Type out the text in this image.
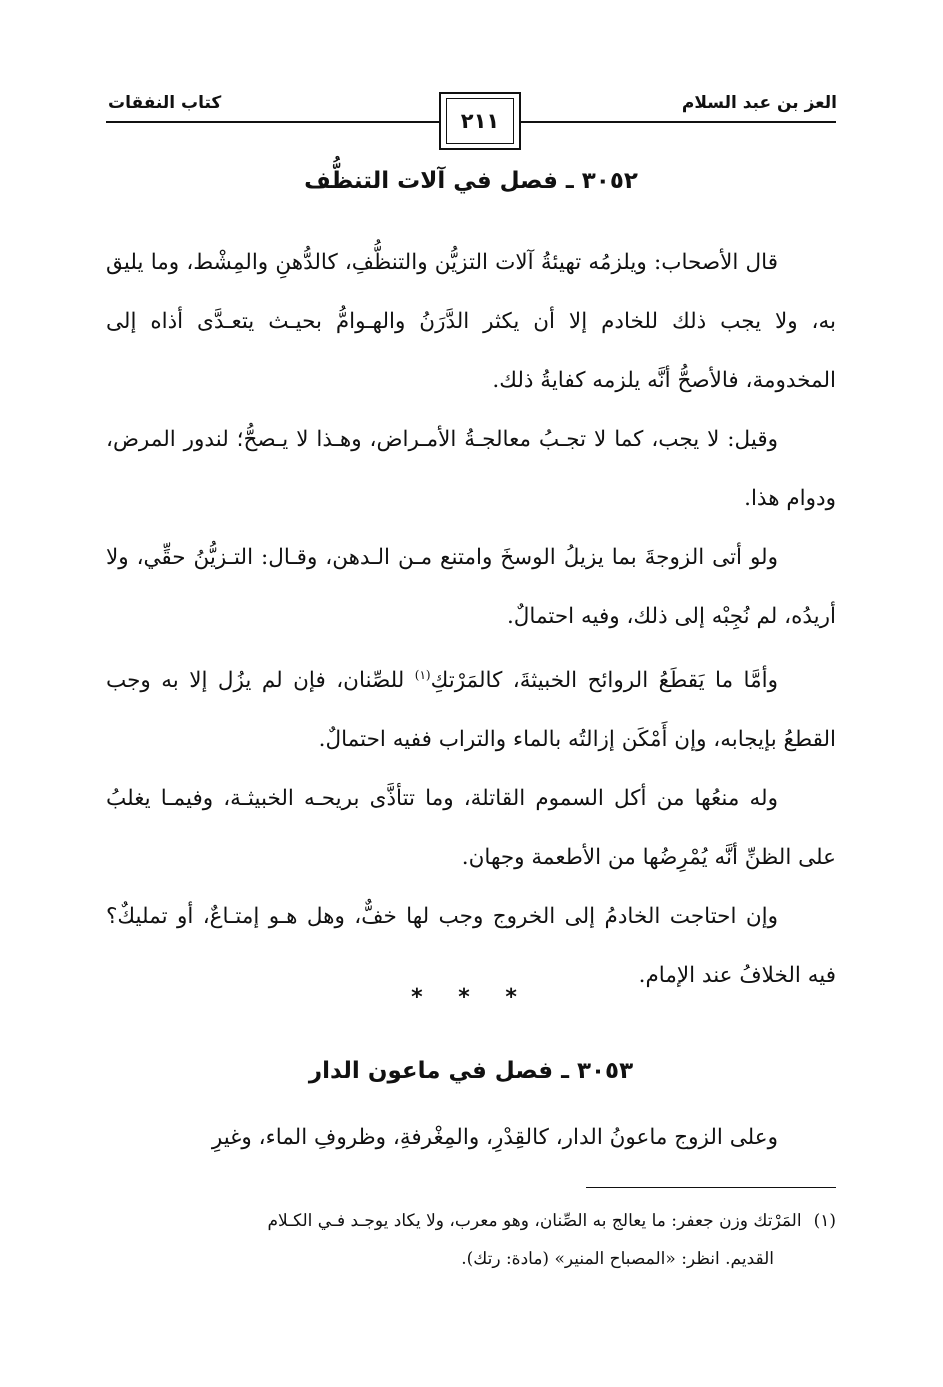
العز بن عبد السلام
كتاب النفقات
٢١١
٣٠٥٢ ـ فصل في آلات التنظُّف

قال الأصحاب: ويلزمُه تهيئةُ آلات التزيُّن والتنظُّفِ، كالدُّهنِ والمِشْط، وما يليق به، ولا يجب ذلك للخادم إلا أن يكثر الدَّرَنُ والهـوامُّ بحيـث يتعـدَّى أذاه إلى المخدومة، فالأصحُّ أنَّه يلزمه كفايةُ ذلك.

وقيل: لا يجب، كما لا تجـبُ معالجـةُ الأمـراض، وهـذا لا يـصحُّ؛ لندور المرض، ودوام هذا.

ولو أتى الزوجةَ بما يزيلُ الوسخَ وامتنع مـن الـدهن، وقـال: التـزيُّنُ حقِّي، ولا أريدُه، لم نُجِبْه إلى ذلك، وفيه احتمالٌ.

وأمَّا ما يَقطَعُ الروائح الخبيثةَ، كالمَرْتكِ$^{(١)}$ للصِّنان، فإن لم يزُل إلا به وجب القطعُ بإيجابه، وإن أَمْكَن إزالتُه بالماء والتراب ففيه احتمالٌ.

وله منعُها من أكل السموم القاتلة، وما تتأذَّى بريحـه الخبيثـة، وفيمـا يغلبُ على الظنِّ أنَّه يُمْرِضُها من الأطعمة وجهان.

وإن احتاجت الخادمُ إلى الخروج وجب لها خفٌّ، وهل هـو إمتـاعٌ، أو تمليكٌ؟ فيه الخلافُ عند الإمام.

* * *
٣٠٥٣ ـ فصل في ماعون الدار

وعلى الزوج ماعونُ الدار، كالقِدْرِ، والمِغْرفةِ، وظروفِ الماء، وغيرِ

(١)المَرْتك وزن جعفر: ما يعالج به الصِّنان، وهو معرب، ولا يكاد يوجـد فـي الكـلام
القديم. انظر: «المصباح المنير» (مادة: رتك).
